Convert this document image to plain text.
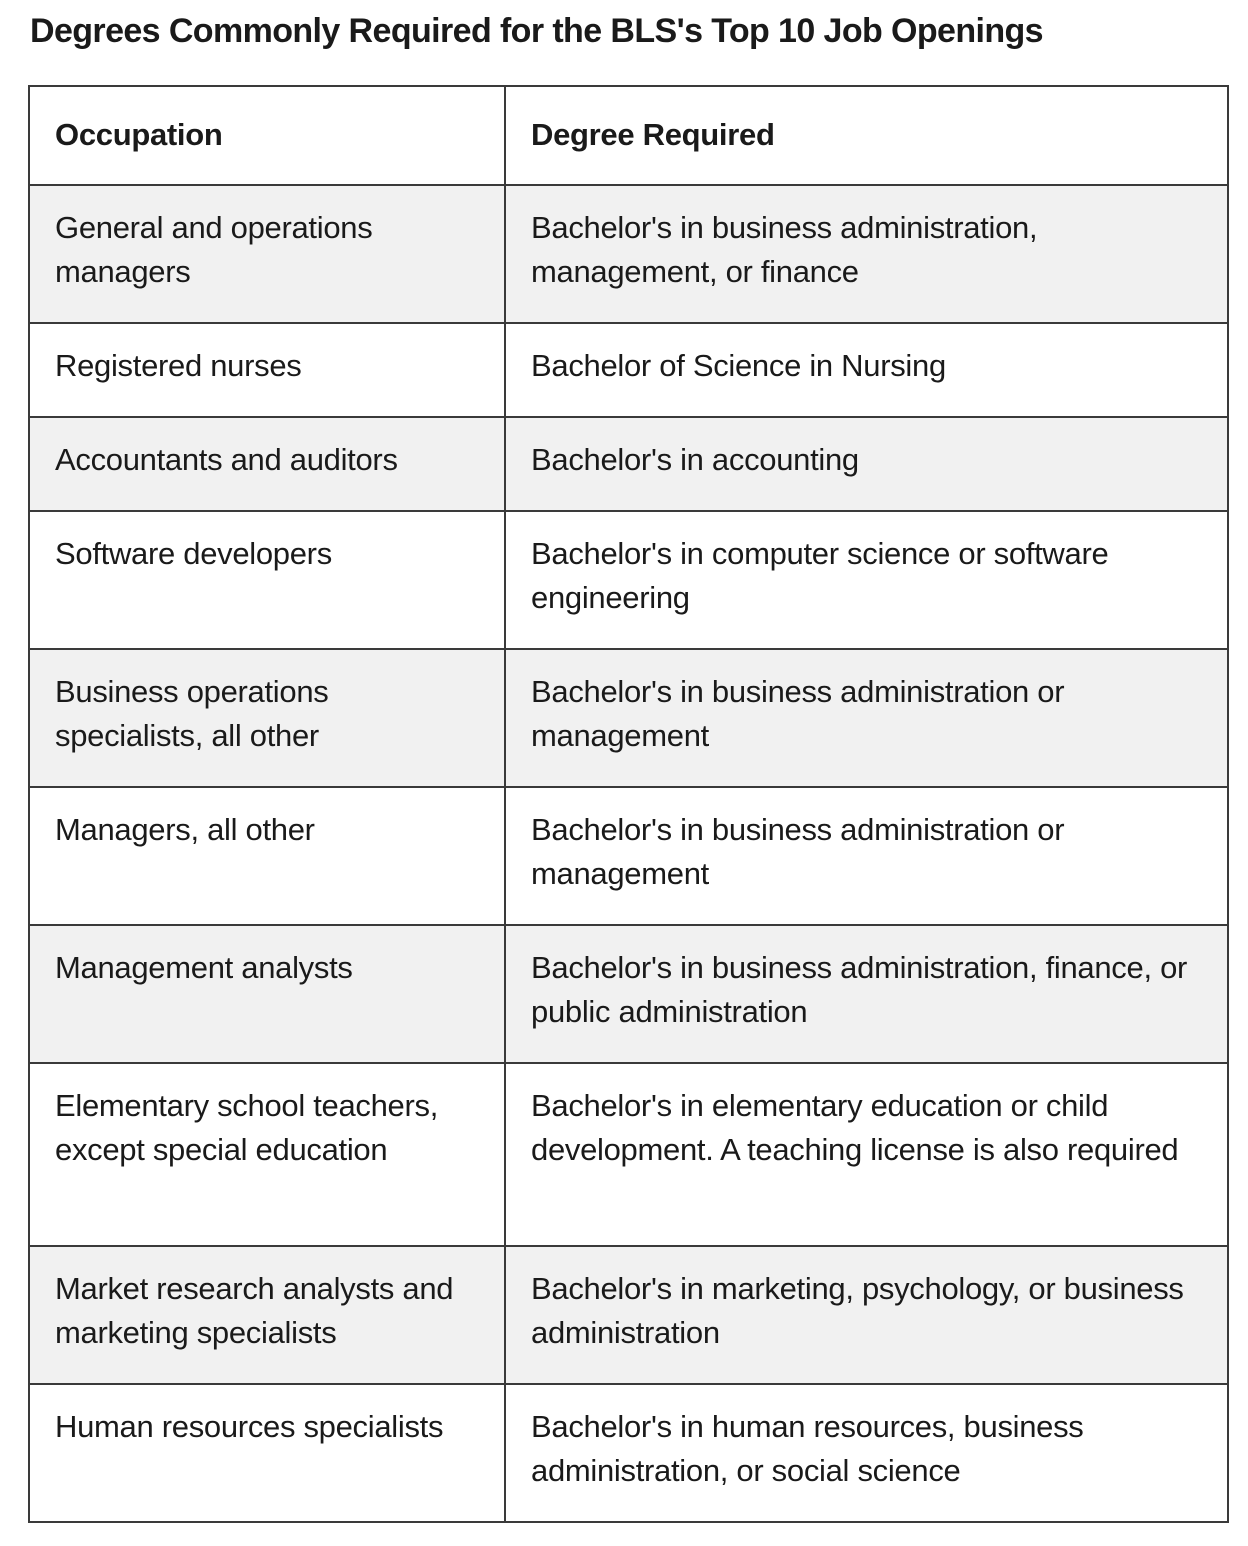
Degrees Commonly Required for the BLS's Top 10 Job Openings
Occupation	Degree Required
General and operations managers	Bachelor's in business administration, management, or finance
Registered nurses	Bachelor of Science in Nursing
Accountants and auditors	Bachelor's in accounting
Software developers	Bachelor's in computer science or software engineering
Business operations specialists, all other	Bachelor's in business administration or management
Managers, all other	Bachelor's in business administration or management
Management analysts	Bachelor's in business administration, finance, or public administration
Elementary school teachers, except special education	Bachelor's in elementary education or child development. A teaching license is also required
Market research analysts and marketing specialists	Bachelor's in marketing, psychology, or business administration
Human resources specialists	Bachelor's in human resources, business administration, or social science
